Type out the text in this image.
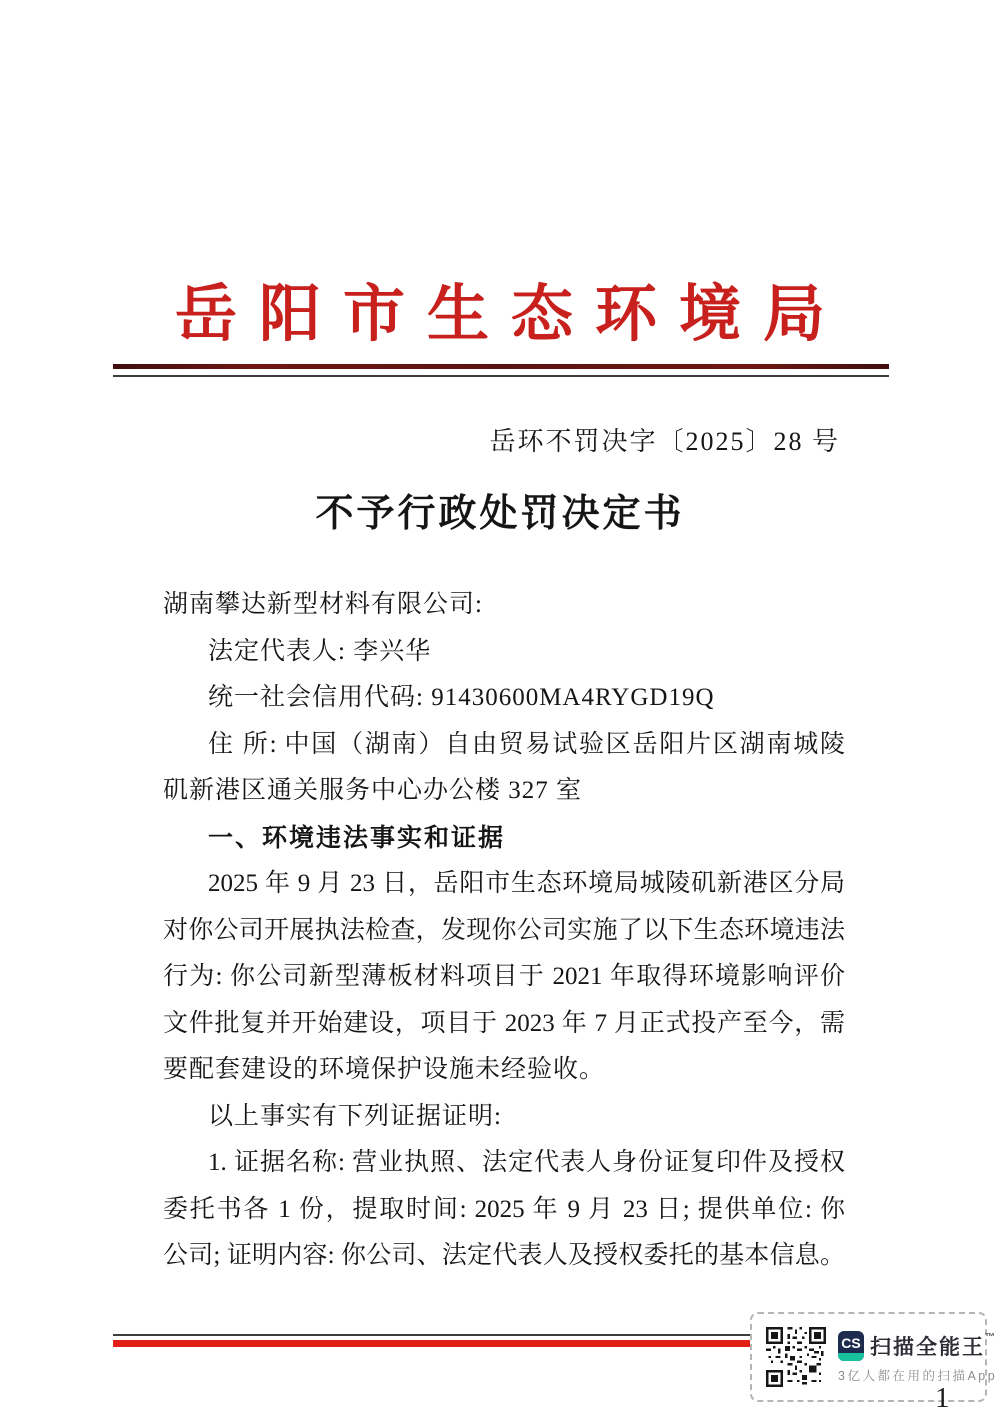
岳阳市生态环境局
岳环不罚决字〔2025〕28 号
不予行政处罚决定书
湖南攀达新型材料有限公司:
法定代表人: 李兴华
统一社会信用代码: 91430600MA4RYGD19Q
住 所: 中国（湖南）自由贸易试验区岳阳片区湖南城陵
矶新港区通关服务中心办公楼 327 室
一、环境违法事实和证据
2025 年 9 月 23 日，岳阳市生态环境局城陵矶新港区分局
对你公司开展执法检查，发现你公司实施了以下生态环境违法
行为: 你公司新型薄板材料项目于 2021 年取得环境影响评价
文件批复并开始建设，项目于 2023 年 7 月正式投产至今，需
要配套建设的环境保护设施未经验收。
以上事实有下列证据证明:
1. 证据名称: 营业执照、法定代表人身份证复印件及授权
委托书各 1 份，提取时间: 2025 年 9 月 23 日; 提供单位: 你
公司; 证明内容: 你公司、法定代表人及授权委托的基本信息。
CS 扫描全能王™
3亿人都在用的扫描App
1
